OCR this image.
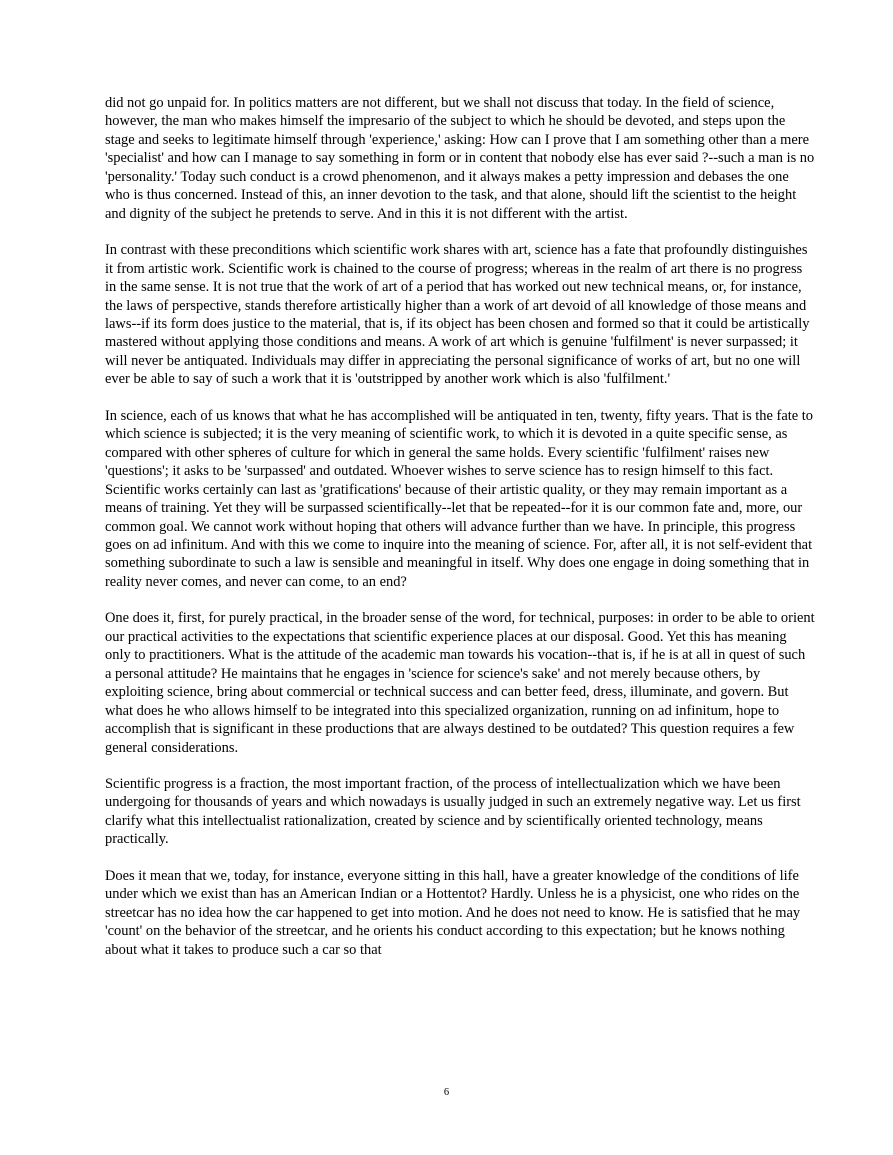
did not go unpaid for. In politics matters are not different, but we shall not discuss that today. In the field of science, however, the man who makes himself the impresario of the subject to which he should be devoted, and steps upon the stage and seeks to legitimate himself through 'experience,' asking: How can I prove that I am something other than a mere 'specialist' and how can I manage to say something in form or in content that nobody else has ever said ?--such a man is no 'personality.' Today such conduct is a crowd phenomenon, and it always makes a petty impression and debases the one who is thus concerned. Instead of this, an inner devotion to the task, and that alone, should lift the scientist to the height and dignity of the subject he pretends to serve. And in this it is not different with the artist.

In contrast with these preconditions which scientific work shares with art, science has a fate that profoundly distinguishes it from artistic work. Scientific work is chained to the course of progress; whereas in the realm of art there is no progress in the same sense. It is not true that the work of art of a period that has worked out new technical means, or, for instance, the laws of perspective, stands therefore artistically higher than a work of art devoid of all knowledge of those means and laws--if its form does justice to the material, that is, if its object has been chosen and formed so that it could be artistically mastered without applying those conditions and means. A work of art which is genuine 'fulfilment' is never surpassed; it will never be antiquated. Individuals may differ in appreciating the personal significance of works of art, but no one will ever be able to say of such a work that it is 'outstripped by another work which is also 'fulfilment.'

In science, each of us knows that what he has accomplished will be antiquated in ten, twenty, fifty years. That is the fate to which science is subjected; it is the very meaning of scientific work, to which it is devoted in a quite specific sense, as compared with other spheres of culture for which in general the same holds. Every scientific 'fulfilment' raises new 'questions'; it asks to be 'surpassed' and outdated. Whoever wishes to serve science has to resign himself to this fact. Scientific works certainly can last as 'gratifications' because of their artistic quality, or they may remain important as a means of training. Yet they will be surpassed scientifically--let that be repeated--for it is our common fate and, more, our common goal. We cannot work without hoping that others will advance further than we have. In principle, this progress goes on ad infinitum. And with this we come to inquire into the meaning of science. For, after all, it is not self-evident that something subordinate to such a law is sensible and meaningful in itself. Why does one engage in doing something that in reality never comes, and never can come, to an end?

One does it, first, for purely practical, in the broader sense of the word, for technical, purposes: in order to be able to orient our practical activities to the expectations that scientific experience places at our disposal. Good. Yet this has meaning only to practitioners. What is the attitude of the academic man towards his vocation--that is, if he is at all in quest of such a personal attitude? He maintains that he engages in 'science for science's sake' and not merely because others, by exploiting science, bring about commercial or technical success and can better feed, dress, illuminate, and govern. But what does he who allows himself to be integrated into this specialized organization, running on ad infinitum, hope to accomplish that is significant in these productions that are always destined to be outdated? This question requires a few general considerations.

Scientific progress is a fraction, the most important fraction, of the process of intellectualization which we have been undergoing for thousands of years and which nowadays is usually judged in such an extremely negative way. Let us first clarify what this intellectualist rationalization, created by science and by scientifically oriented technology, means practically.

Does it mean that we, today, for instance, everyone sitting in this hall, have a greater knowledge of the conditions of life under which we exist than has an American Indian or a Hottentot? Hardly. Unless he is a physicist, one who rides on the streetcar has no idea how the car happened to get into motion. And he does not need to know. He is satisfied that he may 'count' on the behavior of the streetcar, and he orients his conduct according to this expectation; but he knows nothing about what it takes to produce such a car so that

6
